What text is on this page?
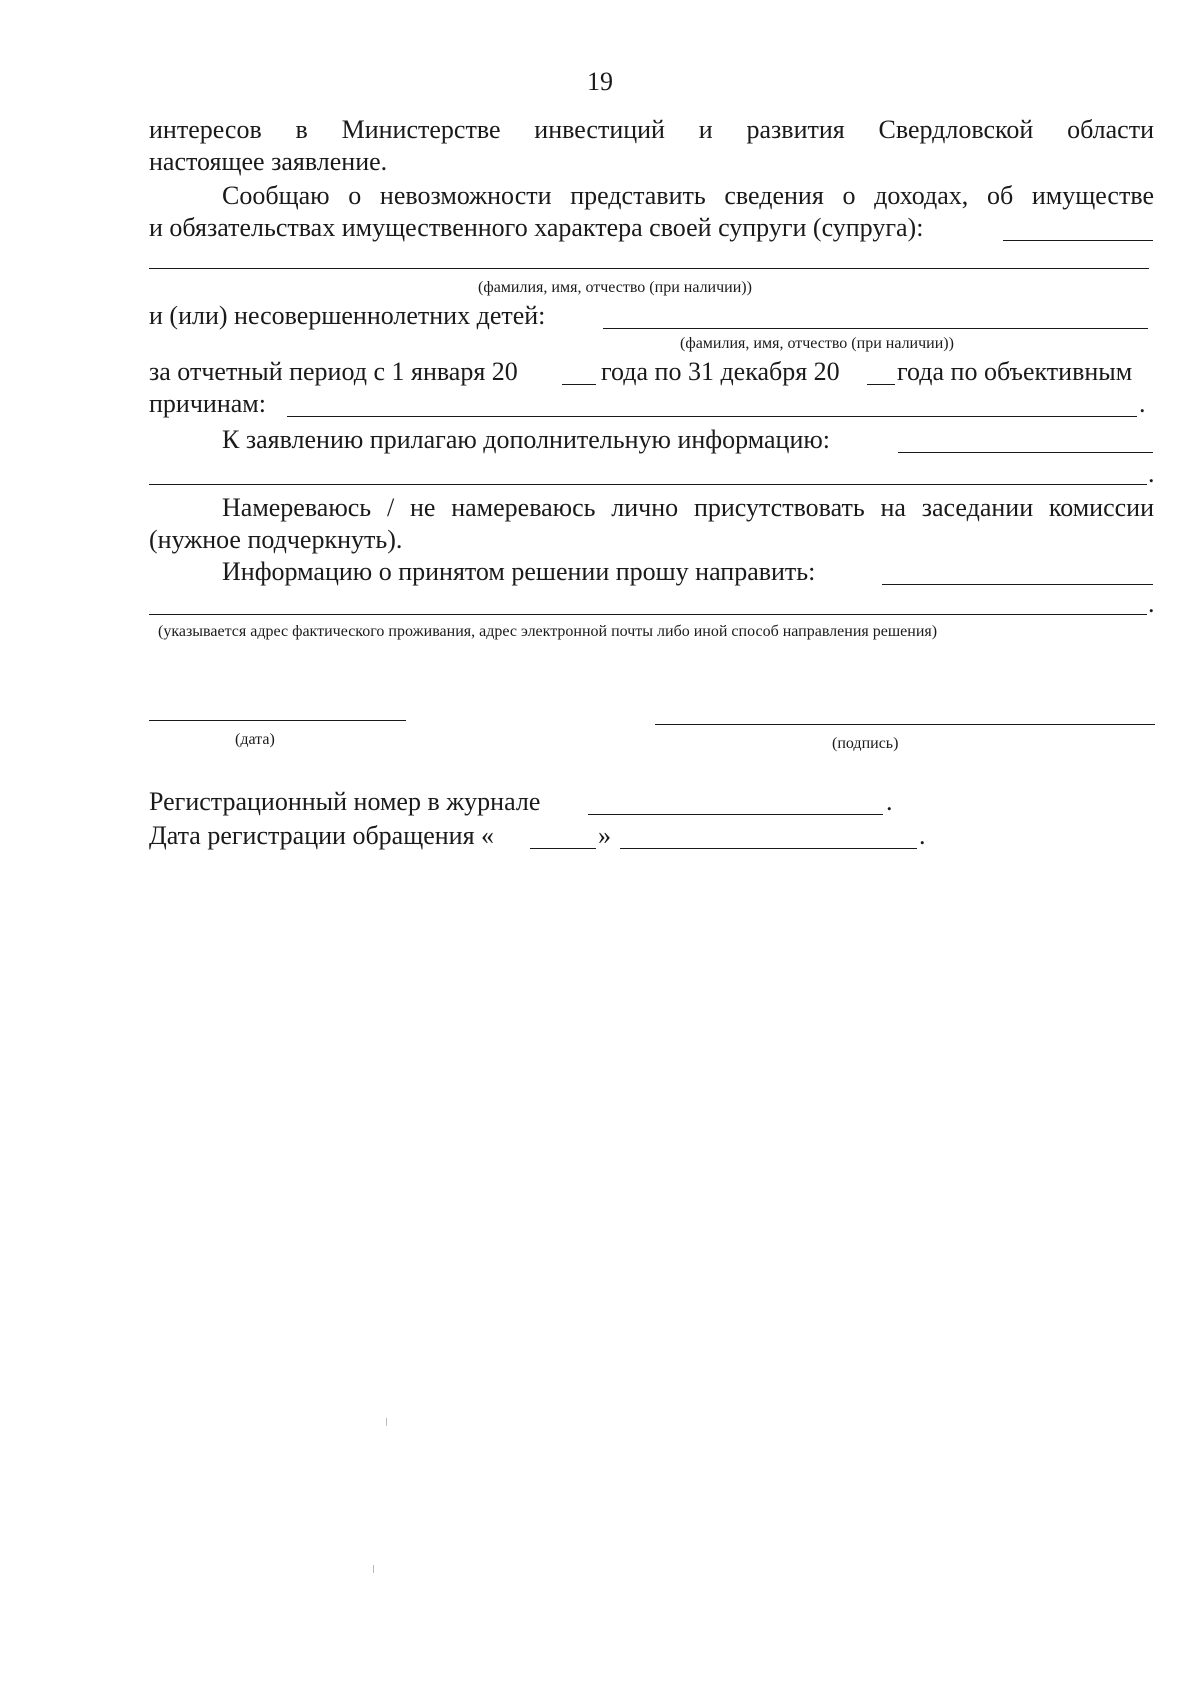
19
интересов в Министерстве инвестиций и развития Свердловской области
настоящее заявление.
Сообщаю о невозможности представить сведения о доходах, об имуществе
и обязательствах имущественного характера своей супруги (супруга):
(фамилия, имя, отчество (при наличии))
и (или) несовершеннолетних детей:
(фамилия, имя, отчество (при наличии))
за отчетный период с 1 января 20	года по 31 декабря 20 года по объективным
причинам:	.
К заявлению прилагаю дополнительную информацию:
.
Намереваюсь / не намереваюсь лично присутствовать на заседании комиссии
(нужное подчеркнуть).
Информацию о принятом решении прошу направить:
.
(указывается адрес фактического проживания, адрес электронной почты либо иной способ направления решения)
(дата)	(подпись)
Регистрационный номер в журнале	.
Дата регистрации обращения «	»	.
